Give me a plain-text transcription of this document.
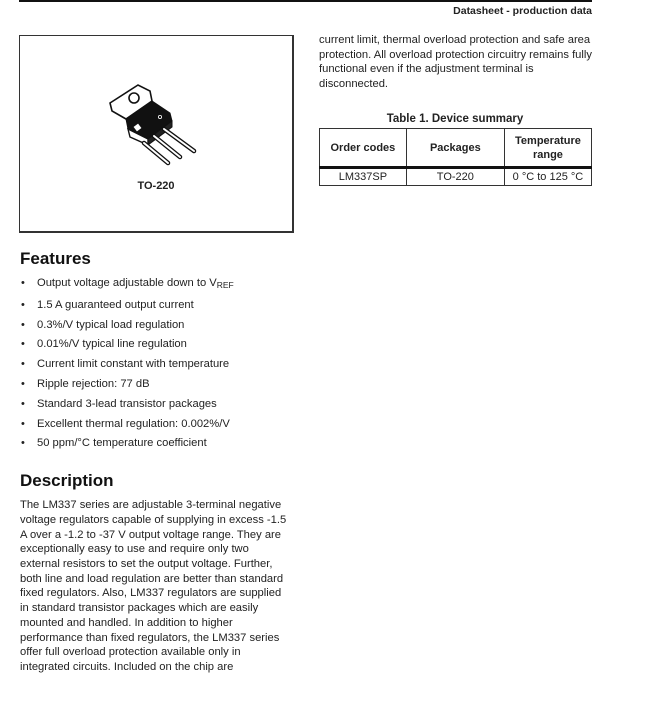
Datasheet - production data
TO-220

current limit, thermal overload protection and safe area protection. All overload protection circuitry remains fully functional even if the adjustment terminal is disconnected.

Table 1. Device summary
Order codes	Packages	Temperature range
LM337SP	TO-220	0 °C to 125 °C
Features
• Output voltage adjustable down to $V_{REF}$
• 1.5 A guaranteed output current
• 0.3%/V typical load regulation
• 0.01%/V typical line regulation
• Current limit constant with temperature
• Ripple rejection: 77 dB
• Standard 3-lead transistor packages
• Excellent thermal regulation: 0.002%/V
• 50 ppm/°C temperature coefficient
Description

The LM337 series are adjustable 3-terminal negative voltage regulators capable of supplying in excess -1.5 A over a -1.2 to -37 V output voltage range. They are exceptionally easy to use and require only two external resistors to set the output voltage. Further, both line and load regulation are better than standard fixed regulators. Also, LM337 regulators are supplied in standard transistor packages which are easily mounted and handled. In addition to higher performance than fixed regulators, the LM337 series offer full overload protection available only in integrated circuits. Included on the chip are
